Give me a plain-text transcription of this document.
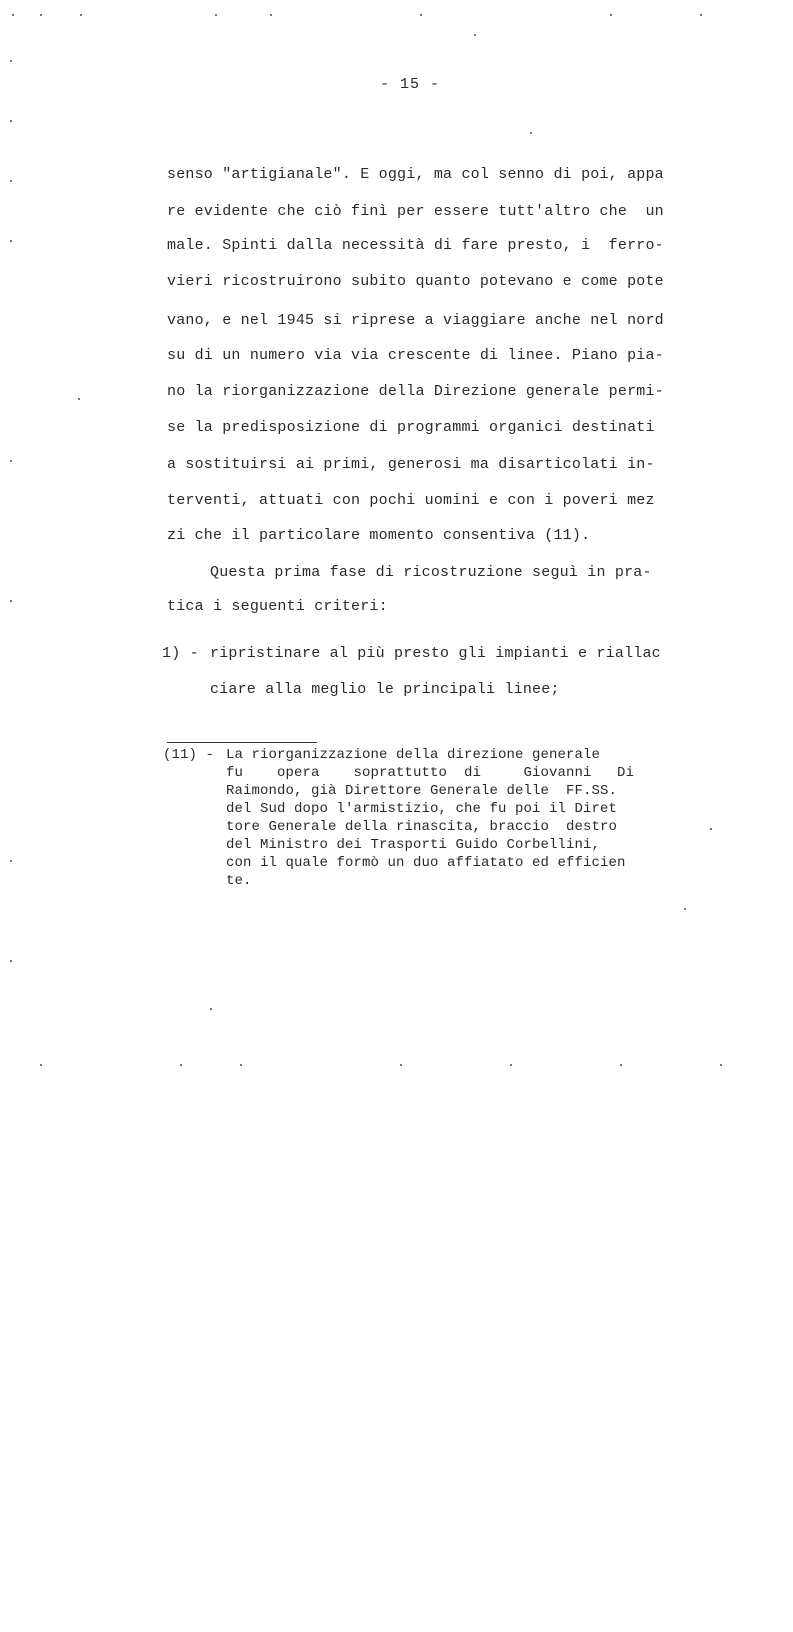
- 15 -
senso "artigianale". E oggi, ma col senno di poi, appa
re evidente che ciò finì per essere tutt'altro che  un
male. Spinti dalla necessità di fare presto, i  ferro-
vieri ricostruirono subito quanto potevano e come pote
vano, e nel 1945 si riprese a viaggiare anche nel nord
su di un numero via via crescente di linee. Piano pia-
no la riorganizzazione della Direzione generale permi-
se la predisposizione di programmi organici destinati
a sostituirsi ai primi, generosi ma disarticolati in-
terventi, attuati con pochi uomini e con i poveri mez
zi che il particolare momento consentiva (11).
Questa prima fase di ricostruzione seguì in pra-
tica i seguenti criteri:
1) - ripristinare al più presto gli impianti e riallac
ciare alla meglio le principali linee;
(11) - La riorganizzazione della direzione generale
fu    opera    soprattutto  di     Giovanni   Di
Raimondo, già Direttore Generale delle  FF.SS.
del Sud dopo l'armistizio, che fu poi il Diret
tore Generale della rinascita, braccio  destro
del Ministro dei Trasporti Guido Corbellini,
con il quale formò un duo affiatato ed efficien
te.
